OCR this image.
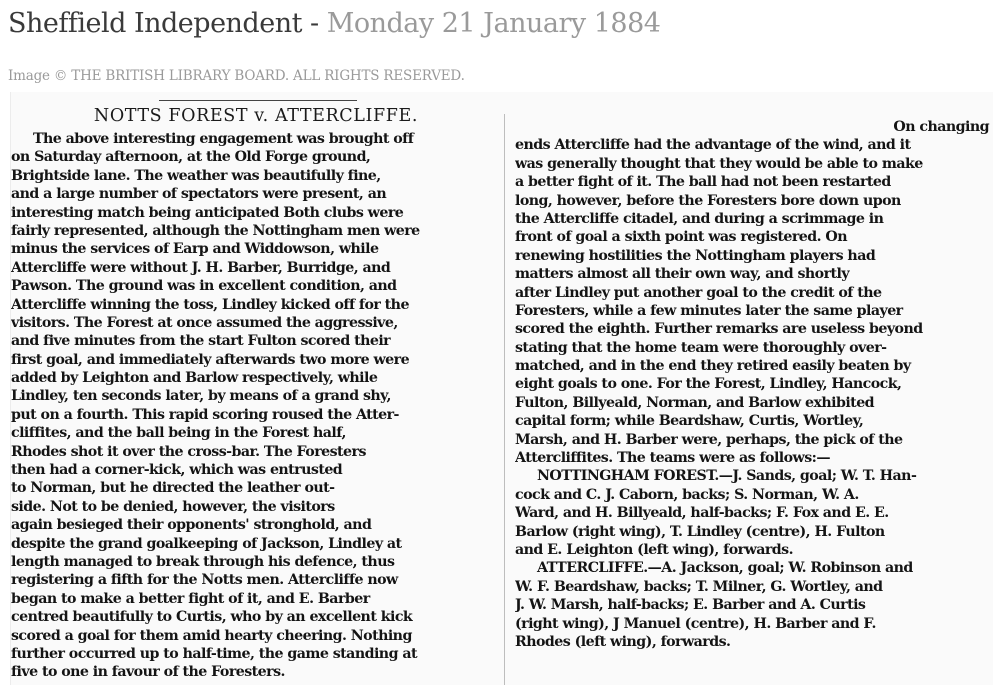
Sheffield Independent - Monday 21 January 1884
Image © THE BRITISH LIBRARY BOARD. ALL RIGHTS RESERVED.
NOTTS FOREST v. ATTERCLIFFE.
The above interesting engagement was brought off
on Saturday afternoon, at the Old Forge ground,
Brightside lane. The weather was beautifully fine,
and a large number of spectators were present, an
interesting match being anticipated Both clubs were
fairly represented, although the Nottingham men were
minus the services of Earp and Widdowson, while
Attercliffe were without J. H. Barber, Burridge, and
Pawson. The ground was in excellent condition, and
Attercliffe winning the toss, Lindley kicked off for the
visitors. The Forest at once assumed the aggressive,
and five minutes from the start Fulton scored their
first goal, and immediately afterwards two more were
added by Leighton and Barlow respectively, while
Lindley, ten seconds later, by means of a grand shy,
put on a fourth. This rapid scoring roused the Atter-
cliffites, and the ball being in the Forest half,
Rhodes shot it over the cross-bar. The Foresters
then had a corner-kick, which was entrusted
to Norman, but he directed the leather out-
side. Not to be denied, however, the visitors
again besieged their opponents' stronghold, and
despite the grand goalkeeping of Jackson, Lindley at
length managed to break through his defence, thus
registering a fifth for the Notts men. Attercliffe now
began to make a better fight of it, and E. Barber
centred beautifully to Curtis, who by an excellent kick
scored a goal for them amid hearty cheering. Nothing
further occurred up to half-time, the game standing at
five to one in favour of the Foresters.
On changing
ends Attercliffe had the advantage of the wind, and it
was generally thought that they would be able to make
a better fight of it. The ball had not been restarted
long, however, before the Foresters bore down upon
the Attercliffe citadel, and during a scrimmage in
front of goal a sixth point was registered. On
renewing hostilities the Nottingham players had
matters almost all their own way, and shortly
after Lindley put another goal to the credit of the
Foresters, while a few minutes later the same player
scored the eighth. Further remarks are useless beyond
stating that the home team were thoroughly over-
matched, and in the end they retired easily beaten by
eight goals to one. For the Forest, Lindley, Hancock,
Fulton, Billyeald, Norman, and Barlow exhibited
capital form; while Beardshaw, Curtis, Wortley,
Marsh, and H. Barber were, perhaps, the pick of the
Attercliffites. The teams were as follows:—
NOTTINGHAM FOREST.—J. Sands, goal; W. T. Han-
cock and C. J. Caborn, backs; S. Norman, W. A.
Ward, and H. Billyeald, half-backs; F. Fox and E. E.
Barlow (right wing), T. Lindley (centre), H. Fulton
and E. Leighton (left wing), forwards.
ATTERCLIFFE.—A. Jackson, goal; W. Robinson and
W. F. Beardshaw, backs; T. Milner, G. Wortley, and
J. W. Marsh, half-backs; E. Barber and A. Curtis
(right wing), J Manuel (centre), H. Barber and F.
Rhodes (left wing), forwards.
